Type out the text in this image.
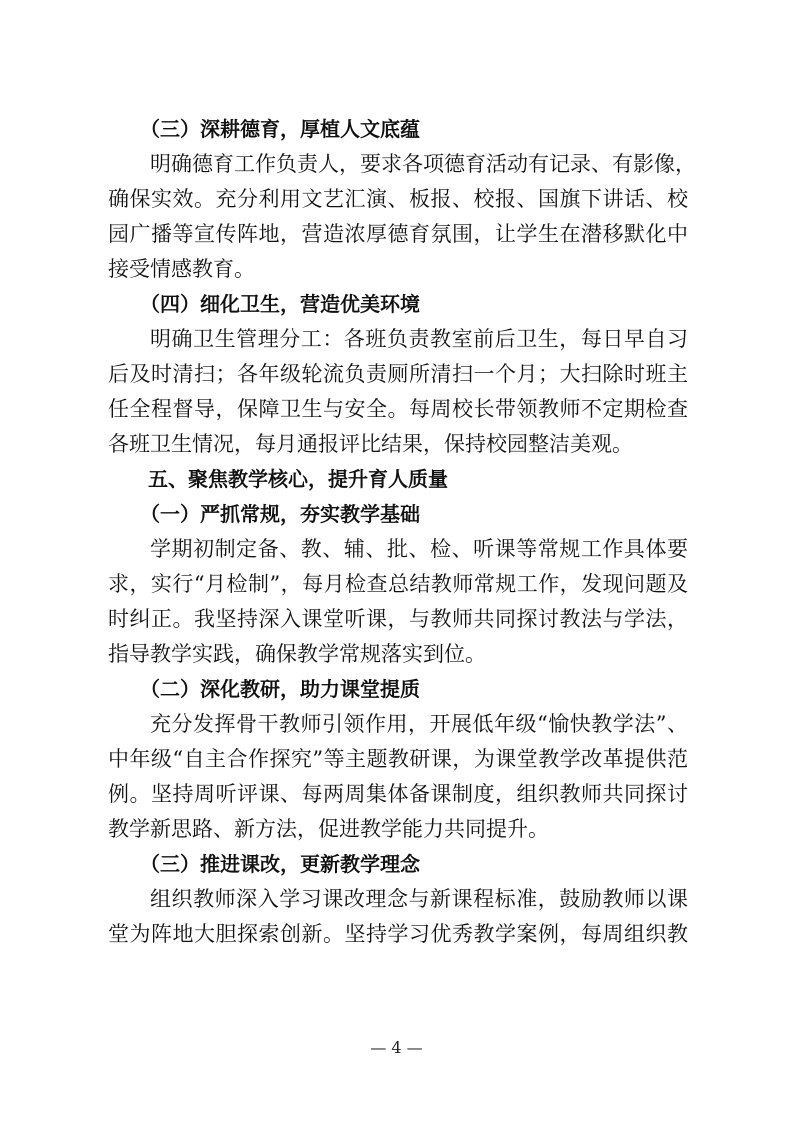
（三）深耕德育，厚植人文底蕴
明确德育工作负责人，要求各项德育活动有记录、有影像，
确保实效。充分利用文艺汇演、板报、校报、国旗下讲话、校
园广播等宣传阵地，营造浓厚德育氛围，让学生在潜移默化中
接受情感教育。
（四）细化卫生，营造优美环境
明确卫生管理分工：各班负责教室前后卫生，每日早自习
后及时清扫；各年级轮流负责厕所清扫一个月；大扫除时班主
任全程督导，保障卫生与安全。每周校长带领教师不定期检查
各班卫生情况，每月通报评比结果，保持校园整洁美观。
五、聚焦教学核心，提升育人质量
（一）严抓常规，夯实教学基础
学期初制定备、教、辅、批、检、听课等常规工作具体要
求，实行“月检制”，每月检查总结教师常规工作，发现问题及
时纠正。我坚持深入课堂听课，与教师共同探讨教法与学法，
指导教学实践，确保教学常规落实到位。
（二）深化教研，助力课堂提质
充分发挥骨干教师引领作用，开展低年级“愉快教学法”、
中年级“自主合作探究”等主题教研课，为课堂教学改革提供范
例。坚持周听评课、每两周集体备课制度，组织教师共同探讨
教学新思路、新方法，促进教学能力共同提升。
（三）推进课改，更新教学理念
组织教师深入学习课改理念与新课程标准，鼓励教师以课
堂为阵地大胆探索创新。坚持学习优秀教学案例，每周组织教
— 4 —
